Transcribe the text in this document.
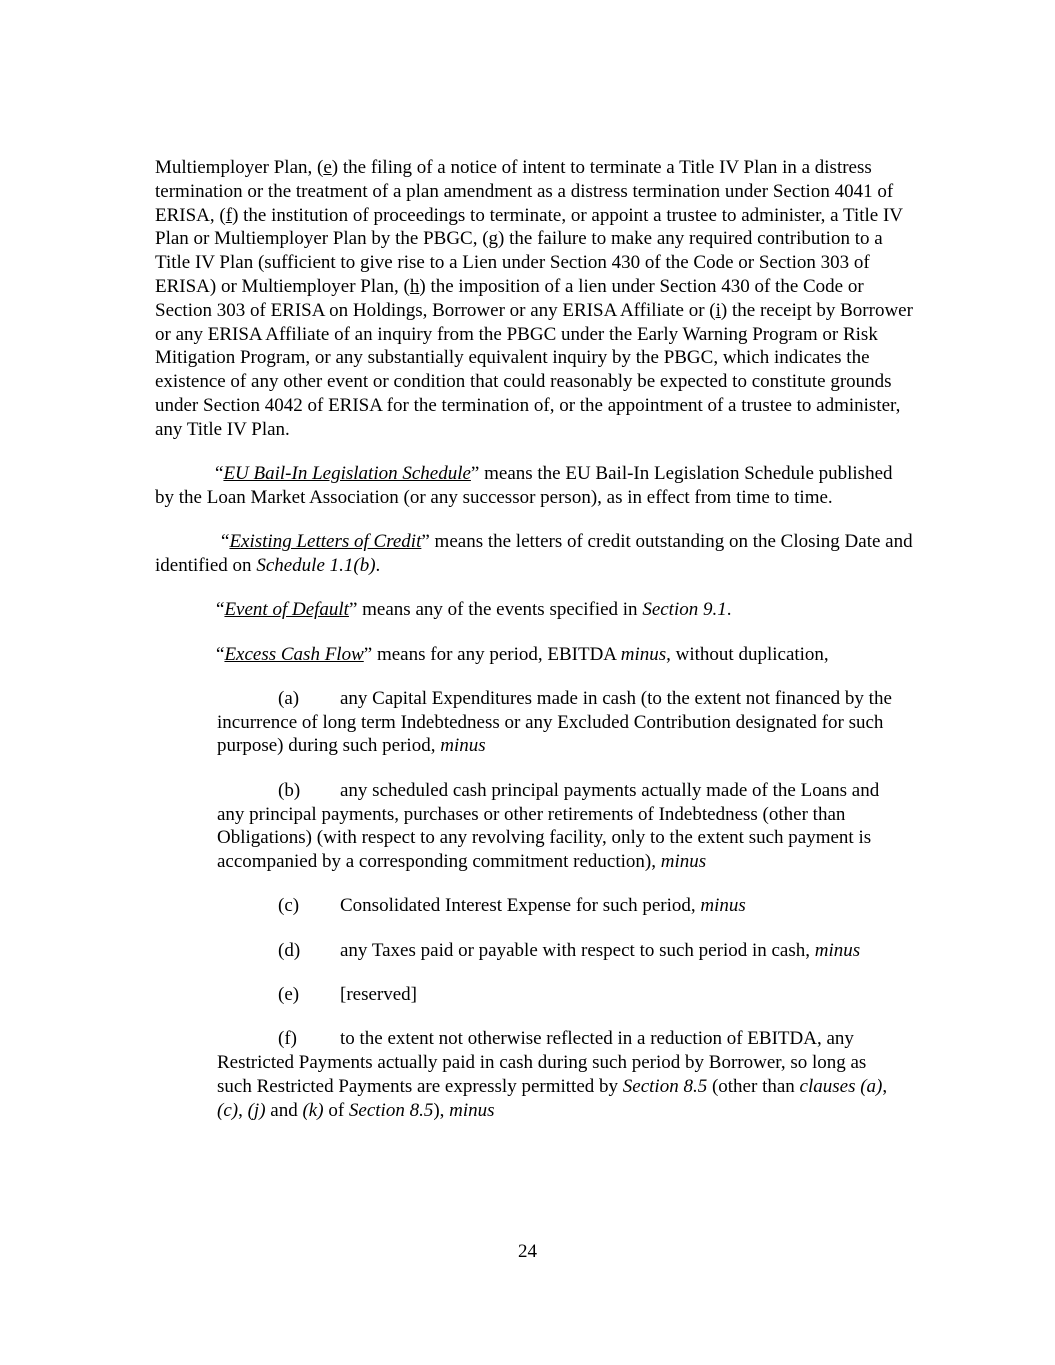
Multiemployer Plan, (e) the filing of a notice of intent to terminate a Title IV Plan in a distress termination or the treatment of a plan amendment as a distress termination under Section 4041 of ERISA, (f) the institution of proceedings to terminate, or appoint a trustee to administer, a Title IV Plan or Multiemployer Plan by the PBGC, (g) the failure to make any required contribution to a Title IV Plan (sufficient to give rise to a Lien under Section 430 of the Code or Section 303 of ERISA) or Multiemployer Plan, (h) the imposition of a lien under Section 430 of the Code or Section 303 of ERISA on Holdings, Borrower or any ERISA Affiliate or (i) the receipt by Borrower or any ERISA Affiliate of an inquiry from the PBGC under the Early Warning Program or Risk Mitigation Program, or any substantially equivalent inquiry by the PBGC, which indicates the existence of any other event or condition that could reasonably be expected to constitute grounds under Section 4042 of ERISA for the termination of, or the appointment of a trustee to administer, any Title IV Plan.

“EU Bail-In Legislation Schedule” means the EU Bail-In Legislation Schedule published by the Loan Market Association (or any successor person), as in effect from time to time.

“Existing Letters of Credit” means the letters of credit outstanding on the Closing Date and identified on Schedule 1.1(b).

“Event of Default” means any of the events specified in Section 9.1.

“Excess Cash Flow” means for any period, EBITDA minus, without duplication,

(a) any Capital Expenditures made in cash (to the extent not financed by the incurrence of long term Indebtedness or any Excluded Contribution designated for such purpose) during such period, minus

(b) any scheduled cash principal payments actually made of the Loans and any principal payments, purchases or other retirements of Indebtedness (other than Obligations) (with respect to any revolving facility, only to the extent such payment is accompanied by a corresponding commitment reduction), minus

(c) Consolidated Interest Expense for such period, minus

(d) any Taxes paid or payable with respect to such period in cash, minus

(e) [reserved]

(f) to the extent not otherwise reflected in a reduction of EBITDA, any Restricted Payments actually paid in cash during such period by Borrower, so long as such Restricted Payments are expressly permitted by Section 8.5 (other than clauses (a), (c), (j) and (k) of Section 8.5), minus

24
